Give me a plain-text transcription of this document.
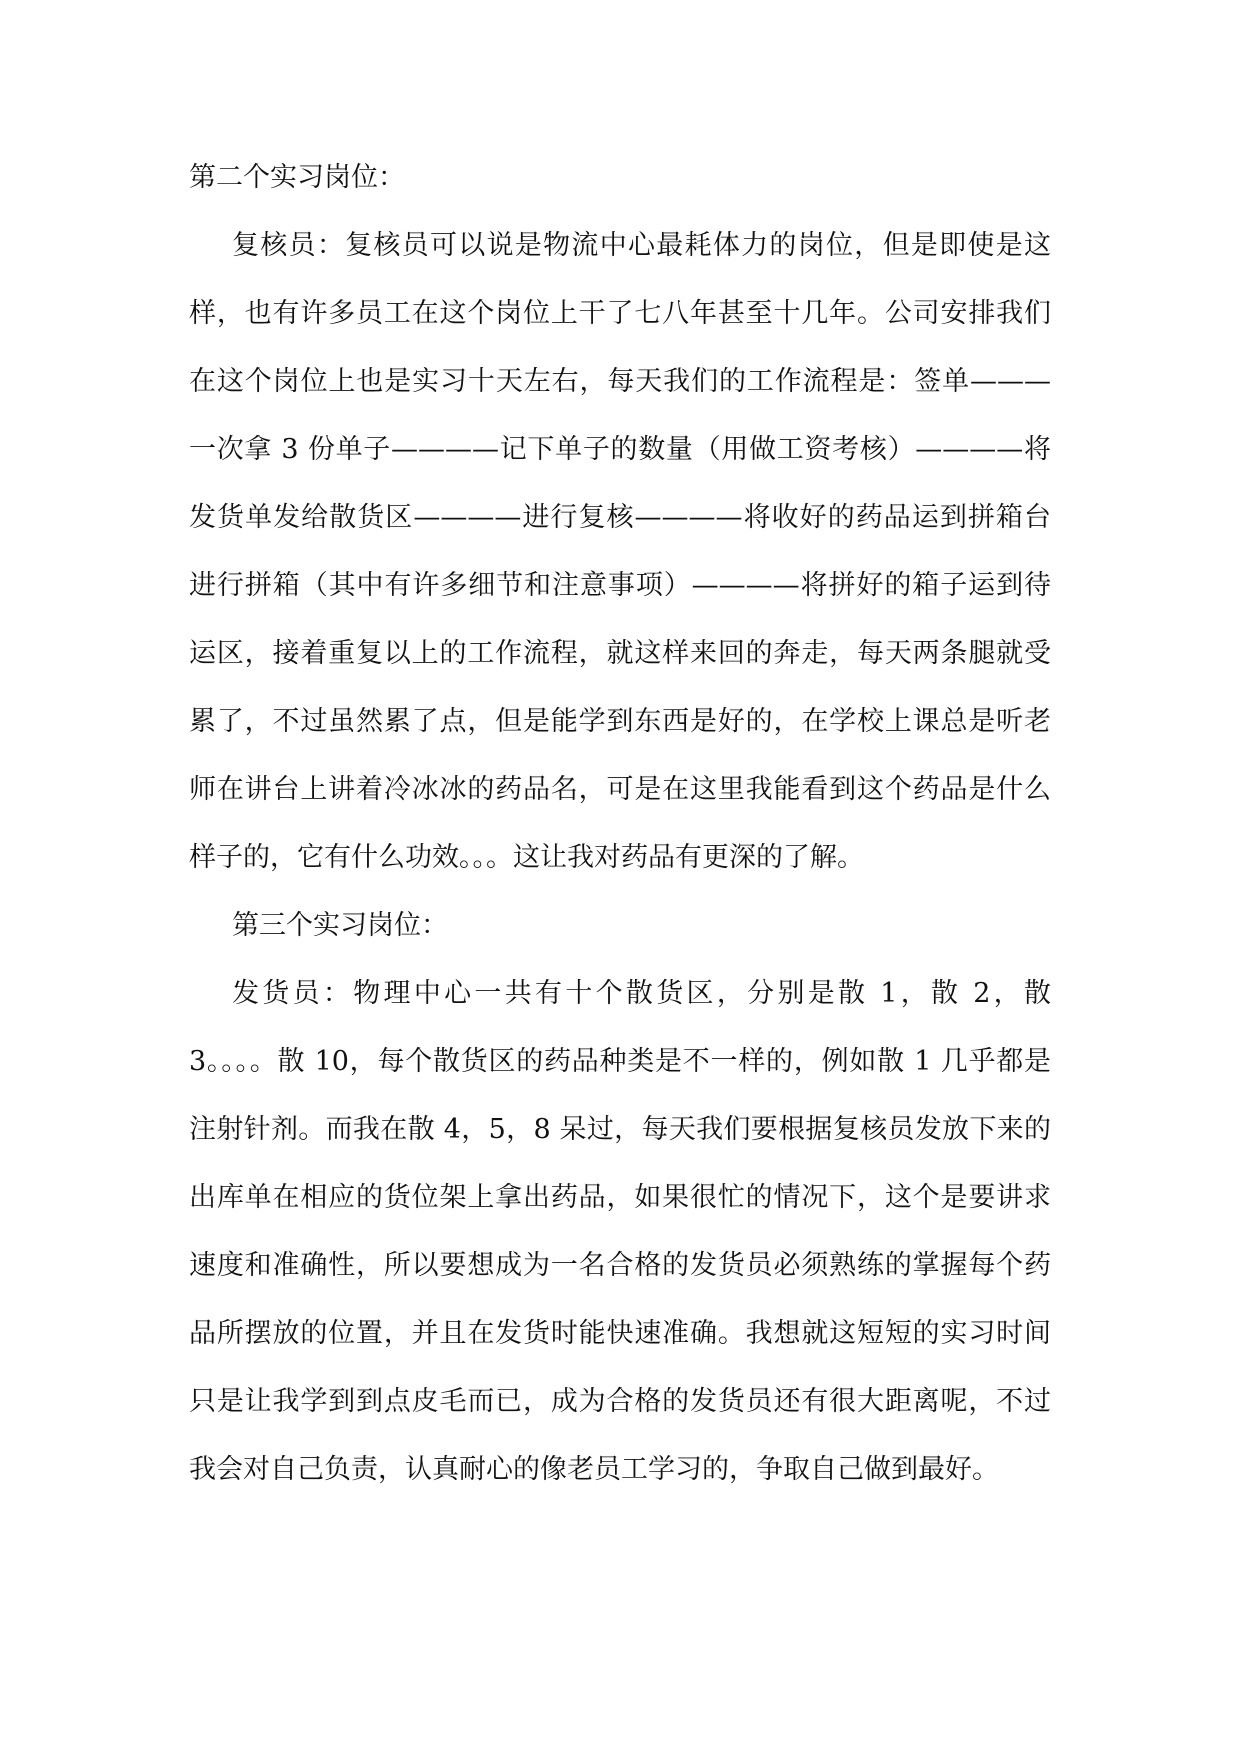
第二个实习岗位：

复核员：复核员可以说是物流中心最耗体力的岗位，但是即使是这样，也有许多员工在这个岗位上干了七八年甚至十几年。公司安排我们在这个岗位上也是实习十天左右，每天我们的工作流程是：签单———一次拿 3 份单子————记下单子的数量（用做工资考核）————将发货单发给散货区————进行复核————将收好的药品运到拼箱台进行拼箱（其中有许多细节和注意事项）————将拼好的箱子运到待运区，接着重复以上的工作流程，就这样来回的奔走，每天两条腿就受累了，不过虽然累了点，但是能学到东西是好的，在学校上课总是听老师在讲台上讲着冷冰冰的药品名，可是在这里我能看到这个药品是什么样子的，它有什么功效。。。这让我对药品有更深的了解。

第三个实习岗位：

发货员：物理中心一共有十个散货区，分别是散 1，散 2，散 3。。。。散 10，每个散货区的药品种类是不一样的，例如散 1 几乎都是注射针剂。而我在散 4，5，8 呆过，每天我们要根据复核员发放下来的出库单在相应的货位架上拿出药品，如果很忙的情况下，这个是要讲求速度和准确性，所以要想成为一名合格的发货员必须熟练的掌握每个药品所摆放的位置，并且在发货时能快速准确。我想就这短短的实习时间只是让我学到到点皮毛而已，成为合格的发货员还有很大距离呢，不过我会对自己负责，认真耐心的像老员工学习的，争取自己做到最好。
